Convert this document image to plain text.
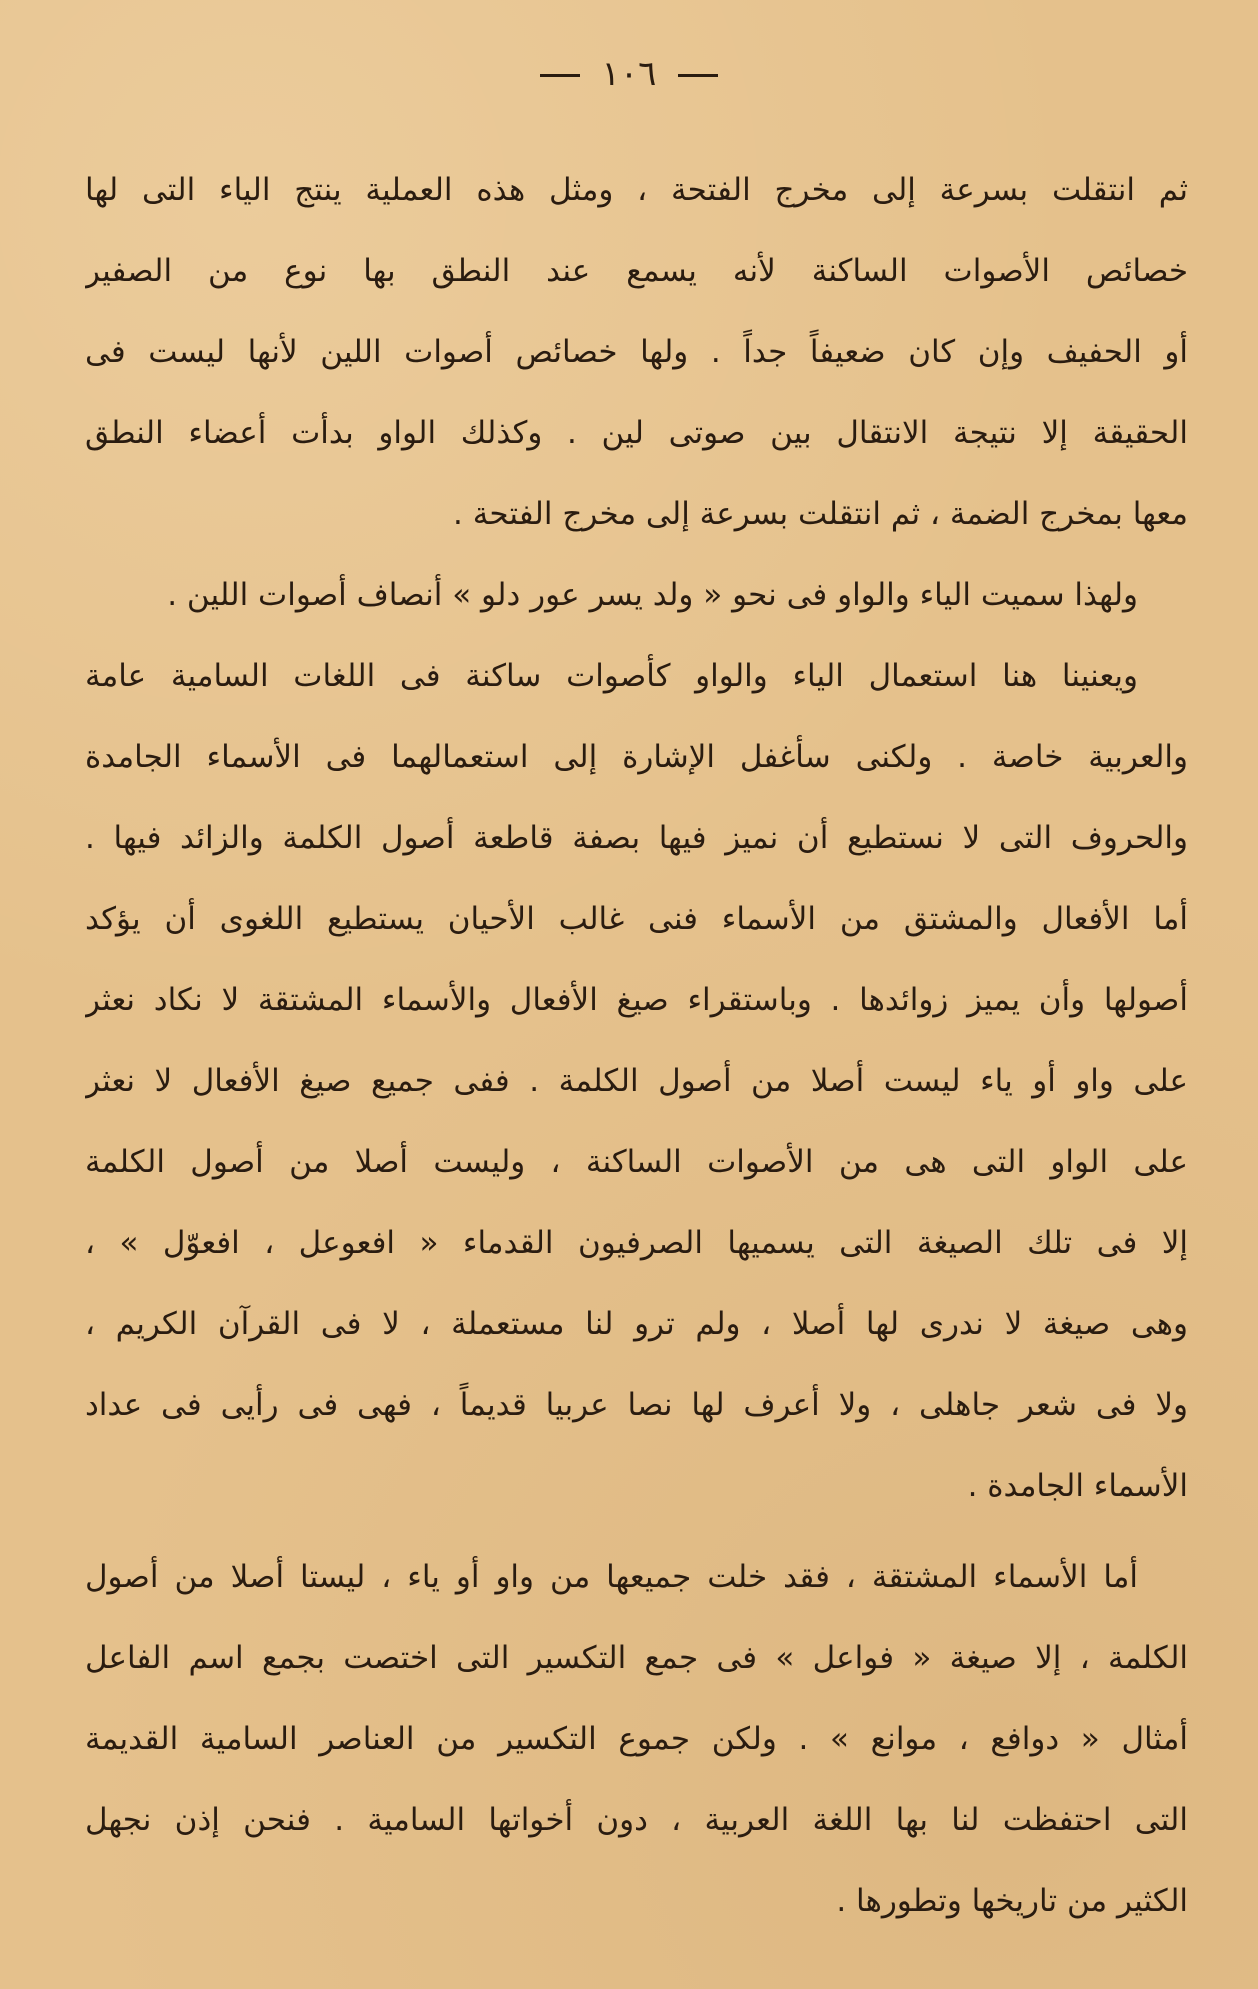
١٠٦
ثم انتقلت بسرعة إلى مخرج الفتحة ، ومثل هذه العملية ينتج الياء التى لها
خصائص الأصوات الساكنة لأنه يسمع عند النطق بها نوع من الصفير
أو الحفيف وإن كان ضعيفاً جداً . ولها خصائص أصوات اللين لأنها ليست فى
الحقيقة إلا نتيجة الانتقال بين صوتى لين . وكذلك الواو بدأت أعضاء النطق
معها بمخرج الضمة ، ثم انتقلت بسرعة إلى مخرج الفتحة .
ولهذا سميت الياء والواو فى نحو « ولد يسر عور دلو » أنصاف أصوات اللين .
ويعنينا هنا استعمال الياء والواو كأصوات ساكنة فى اللغات السامية عامة
والعربية خاصة . ولكنى سأغفل الإشارة إلى استعمالهما فى الأسماء الجامدة
والحروف التى لا نستطيع أن نميز فيها بصفة قاطعة أصول الكلمة والزائد فيها .
أما الأفعال والمشتق من الأسماء فنى غالب الأحيان يستطيع اللغوى أن يؤكد
أصولها وأن يميز زوائدها . وباستقراء صيغ الأفعال والأسماء المشتقة لا نكاد نعثر
على واو أو ياء ليست أصلا من أصول الكلمة . ففى جميع صيغ الأفعال لا نعثر
على الواو التى هى من الأصوات الساكنة ، وليست أصلا من أصول الكلمة
إلا فى تلك الصيغة التى يسميها الصرفيون القدماء « افعوعل ، افعوّل » ،
وهى صيغة لا ندرى لها أصلا ، ولم ترو لنا مستعملة ، لا فى القرآن الكريم ،
ولا فى شعر جاهلى ، ولا أعرف لها نصا عربيا قديماً ، فهى فى رأيى فى عداد
الأسماء الجامدة .
أما الأسماء المشتقة ، فقد خلت جميعها من واو أو ياء ، ليستا أصلا من أصول
الكلمة ، إلا صيغة « فواعل » فى جمع التكسير التى اختصت بجمع اسم الفاعل
أمثال « دوافع ، موانع » . ولكن جموع التكسير من العناصر السامية القديمة
التى احتفظت لنا بها اللغة العربية ، دون أخواتها السامية . فنحن إذن نجهل
الكثير من تاريخها وتطورها .
